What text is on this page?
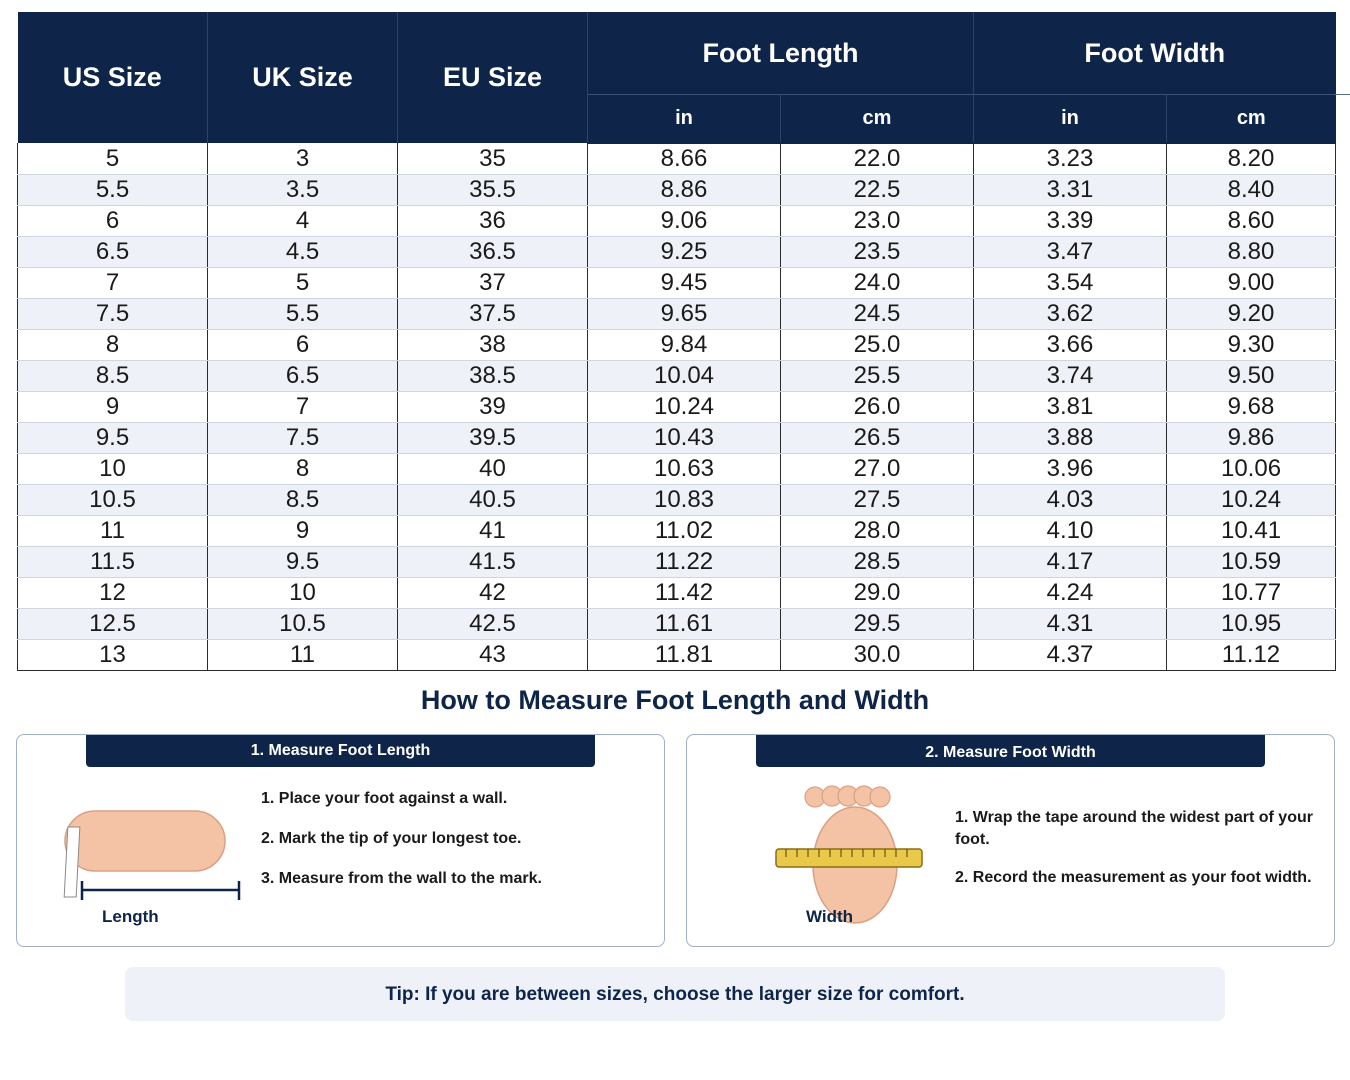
US Size	UK Size	EU Size	Foot Length		Foot Width	
			in	cm	in	cm
5	3	35	8.66	22.0	3.23	8.20
5.5	3.5	35.5	8.86	22.5	3.31	8.40
6	4	36	9.06	23.0	3.39	8.60
6.5	4.5	36.5	9.25	23.5	3.47	8.80
7	5	37	9.45	24.0	3.54	9.00
7.5	5.5	37.5	9.65	24.5	3.62	9.20
8	6	38	9.84	25.0	3.66	9.30
8.5	6.5	38.5	10.04	25.5	3.74	9.50
9	7	39	10.24	26.0	3.81	9.68
9.5	7.5	39.5	10.43	26.5	3.88	9.86
10	8	40	10.63	27.0	3.96	10.06
10.5	8.5	40.5	10.83	27.5	4.03	10.24
11	9	41	11.02	28.0	4.10	10.41
11.5	9.5	41.5	11.22	28.5	4.17	10.59
12	10	42	11.42	29.0	4.24	10.77
12.5	10.5	42.5	11.61	29.5	4.31	10.95
13	11	43	11.81	30.0	4.37	11.12
How to Measure Foot Length and Width
1. Measure Foot Length
Length
1. Place your foot against a wall.
2. Mark the tip of your longest toe.
3. Measure from the wall to the mark.
2. Measure Foot Width
Width
1. Wrap the tape around the widest part of your foot.
2. Record the measurement as your foot width.
Tip: If you are between sizes, choose the larger size for comfort.
